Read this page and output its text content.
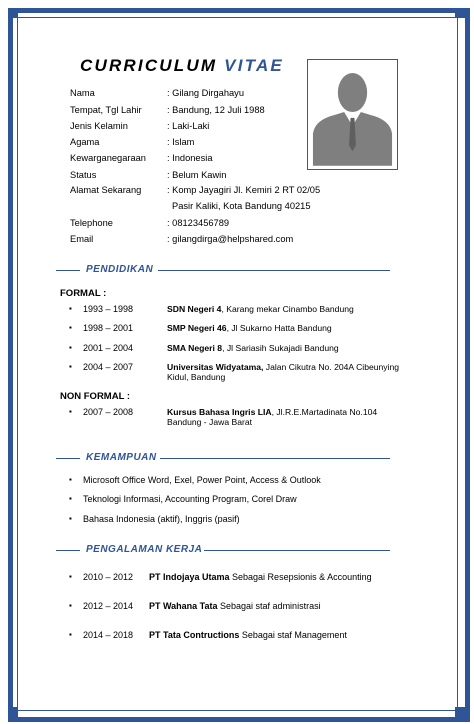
CURRICULUM VITAE
Nama	: Gilang Dirgahayu
Tempat, Tgl Lahir	: Bandung, 12 Juli 1988
Jenis Kelamin	: Laki-Laki
Agama	: Islam
Kewarganegaraan : Indonesia
Status	: Belum Kawin
Alamat Sekarang	: Komp Jayagiri Jl. Kemiri 2 RT 02/05
Pasir Kaliki, Kota Bandung 40215
Telephone	: 08123456789
Email	: gilangdirga@helpshared.com
PENDIDIKAN
FORMAL :
▪ 1993 – 1998	SDN Negeri 4, Karang mekar Cinambo Bandung
▪ 1998 – 2001	SMP Negeri 46, Jl Sukarno Hatta Bandung
▪ 2001 – 2004	SMA Negeri 8, Jl Sariasih Sukajadi Bandung
▪ 2004 – 2007	Universitas Widyatama, Jalan Cikutra No. 204A Cibeunying Kidul, Bandung
NON FORMAL :
▪ 2007 – 2008	Kursus Bahasa Ingris LIA, Jl.R.E.Martadinata No.104 Bandung - Jawa Barat
KEMAMPUAN
▪ Microsoft Office Word, Exel, Power Point, Access & Outlook
▪ Teknologi Informasi, Accounting Program, Corel Draw
▪ Bahasa Indonesia (aktif), Inggris (pasif)
PENGALAMAN KERJA
▪ 2010 – 2012 PT Indojaya Utama Sebagai Resepsionis & Accounting
▪ 2012 – 2014 PT Wahana Tata Sebagai staf administrasi
▪ 2014 – 2018 PT Tata Contructions Sebagai staf Management
